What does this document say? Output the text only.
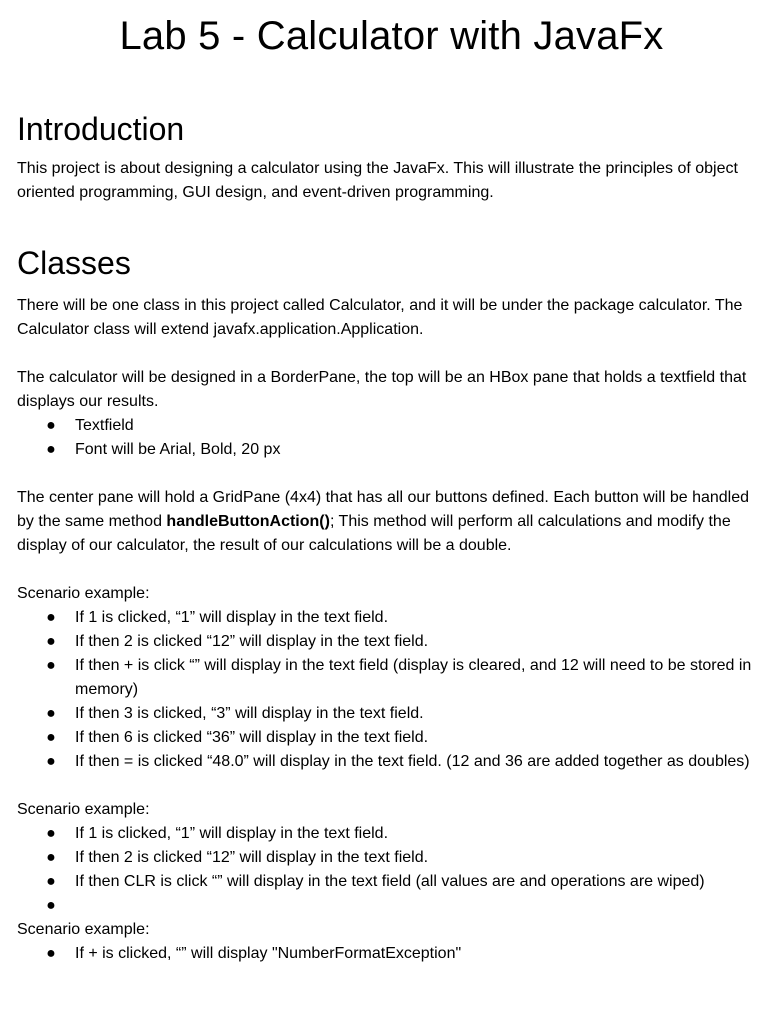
Lab 5 - Calculator with JavaFx
Introduction

This project is about designing a calculator using the JavaFx. This will illustrate the principles of object oriented programming, GUI design, and event-driven programming.

Classes

There will be one class in this project called Calculator, and it will be under the package calculator. The Calculator class will extend javafx.application.Application.

The calculator will be designed in a BorderPane, the top will be an HBox pane that holds a textfield that displays our results.

● Textfield
● Font will be Arial, Bold, 20 px

The center pane will hold a GridPane (4x4) that has all our buttons defined. Each button will be handled by the same method handleButtonAction(); This method will perform all calculations and modify the display of our calculator, the result of our calculations will be a double.

Scenario example:

● If 1 is clicked, “1” will display in the text field.
● If then 2 is clicked “12” will display in the text field.
● If then + is click “” will display in the text field (display is cleared, and 12 will need to be stored in memory)
● If then 3 is clicked, “3” will display in the text field.
● If then 6 is clicked “36” will display in the text field.
● If then = is clicked “48.0” will display in the text field. (12 and 36 are added together as doubles)

Scenario example:

● If 1 is clicked, “1” will display in the text field.
● If then 2 is clicked “12” will display in the text field.
● If then CLR is click “” will display in the text field (all values are and operations are wiped)
●

Scenario example:

● If + is clicked, “” will display "NumberFormatException"
